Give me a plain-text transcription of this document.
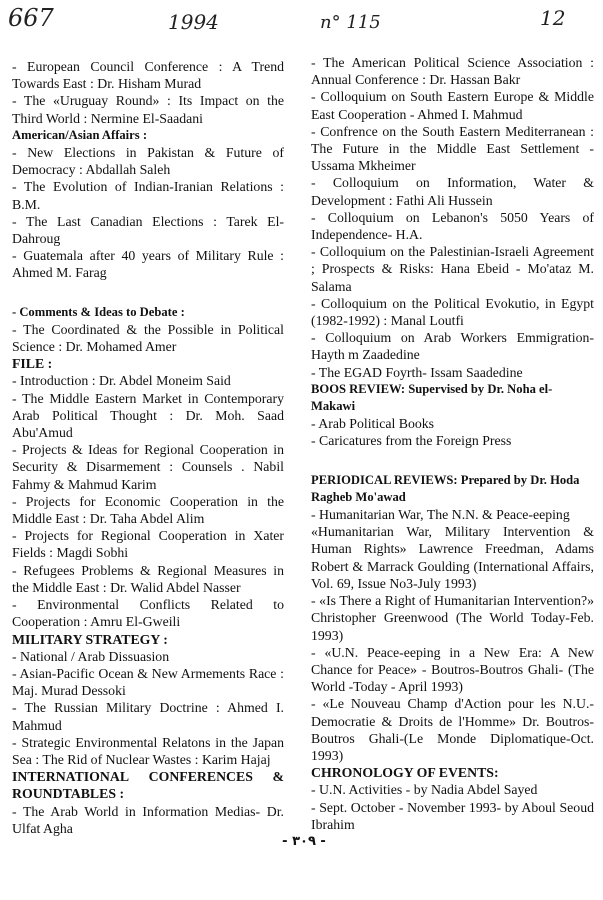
667	1994	n° 115	12

- European Council Conference : A Trend Towards East : Dr. Hisham Murad

- The «Uruguay Round» : Its Impact on the Third World : Nermine El-Saadani

American/Asian Affairs :

- New Elections in Pakistan & Future of Democracy : Abdallah Saleh

- The Evolution of Indian-Iranian Relations : B.M.

- The Last Canadian Elections : Tarek El-Dahroug

- Guatemala after 40 years of Military Rule : Ahmed M. Farag

- Comments & Ideas to Debate :

- The Coordinated & the Possible in Political Science : Dr. Mohamed Amer

FILE :

- Introduction : Dr. Abdel Moneim Said

- The Middle Eastern Market in Contemporary Arab Political Thought : Dr. Moh. Saad Abu'Amud

- Projects & Ideas for Regional Cooperation in Security & Disarmement : Counsels . Nabil Fahmy & Mahmud Karim

- Projects for Economic Cooperation in the Middle East : Dr. Taha Abdel Alim

- Projects for Regional Cooperation in Xater Fields : Magdi Sobhi

- Refugees Problems & Regional Measures in the Middle East : Dr. Walid Abdel Nasser

- Environmental Conflicts Related to Cooperation : Amru El-Gweili

MILITARY STRATEGY :

- National / Arab Dissuasion

- Asian-Pacific Ocean & New Armements Race : Maj. Murad Dessoki

- The Russian Military Doctrine : Ahmed I. Mahmud

- Strategic Environmental Relatons in the Japan Sea : The Rid of Nuclear Wastes : Karim Hajaj

INTERNATIONAL CONFERENCES &

ROUNDTABLES :

- The Arab World in Information Medias- Dr. Ulfat Agha

- The American Political Science Association : Annual Conference : Dr. Hassan Bakr

- Colloquium on South Eastern Europe & Middle East Cooperation - Ahmed I. Mahmud

- Confrence on the South Eastern Mediterranean : The Future in the Middle East Settlement - Ussama Mkheimer

- Colloquium on Information, Water & Development : Fathi Ali Hussein

- Colloquium on Lebanon's 5050 Years of Independence- H.A.

- Colloquium on the Palestinian-Israeli Agreement ; Prospects & Risks: Hana Ebeid - Mo'ataz M. Salama

- Colloquium on the Political Evokutio, in Egypt (1982-1992) : Manal Loutfi

- Colloquium on Arab Workers Emmigration- Hayth m Zaadedine

- The EGAD Foyrth- Issam Saadedine

BOOS REVIEW: Supervised by Dr. Noha el-Makawi

- Arab Political Books

- Caricatures from the Foreign Press

PERIODICAL REVIEWS: Prepared by Dr. Hoda Ragheb Mo'awad

- Humanitarian War, The N.N. & Peace-eeping

«Humanitarian War, Military Intervention & Human Rights» Lawrence Freedman, Adams Robert & Marrack Goulding (International Affairs, Vol. 69, Issue No3-July 1993)

- «Is There a Right of Humanitarian Intervention?» Christopher Greenwood (The World Today-Feb. 1993)

- «U.N. Peace-eeping in a New Era: A New Chance for Peace» - Boutros-Boutros Ghali- (The World -Today - April 1993)

- «Le Nouveau Champ d'Action pour les N.U.-Democratie & Droits de l'Homme» Dr. Boutros-Boutros Ghali-(Le Monde Diplomatique-Oct. 1993)

CHRONOLOGY OF EVENTS:

- U.N. Activities - by Nadia Abdel Sayed

- Sept. October - November 1993- by Aboul Seoud Ibrahim

- ٣٠٩ -
